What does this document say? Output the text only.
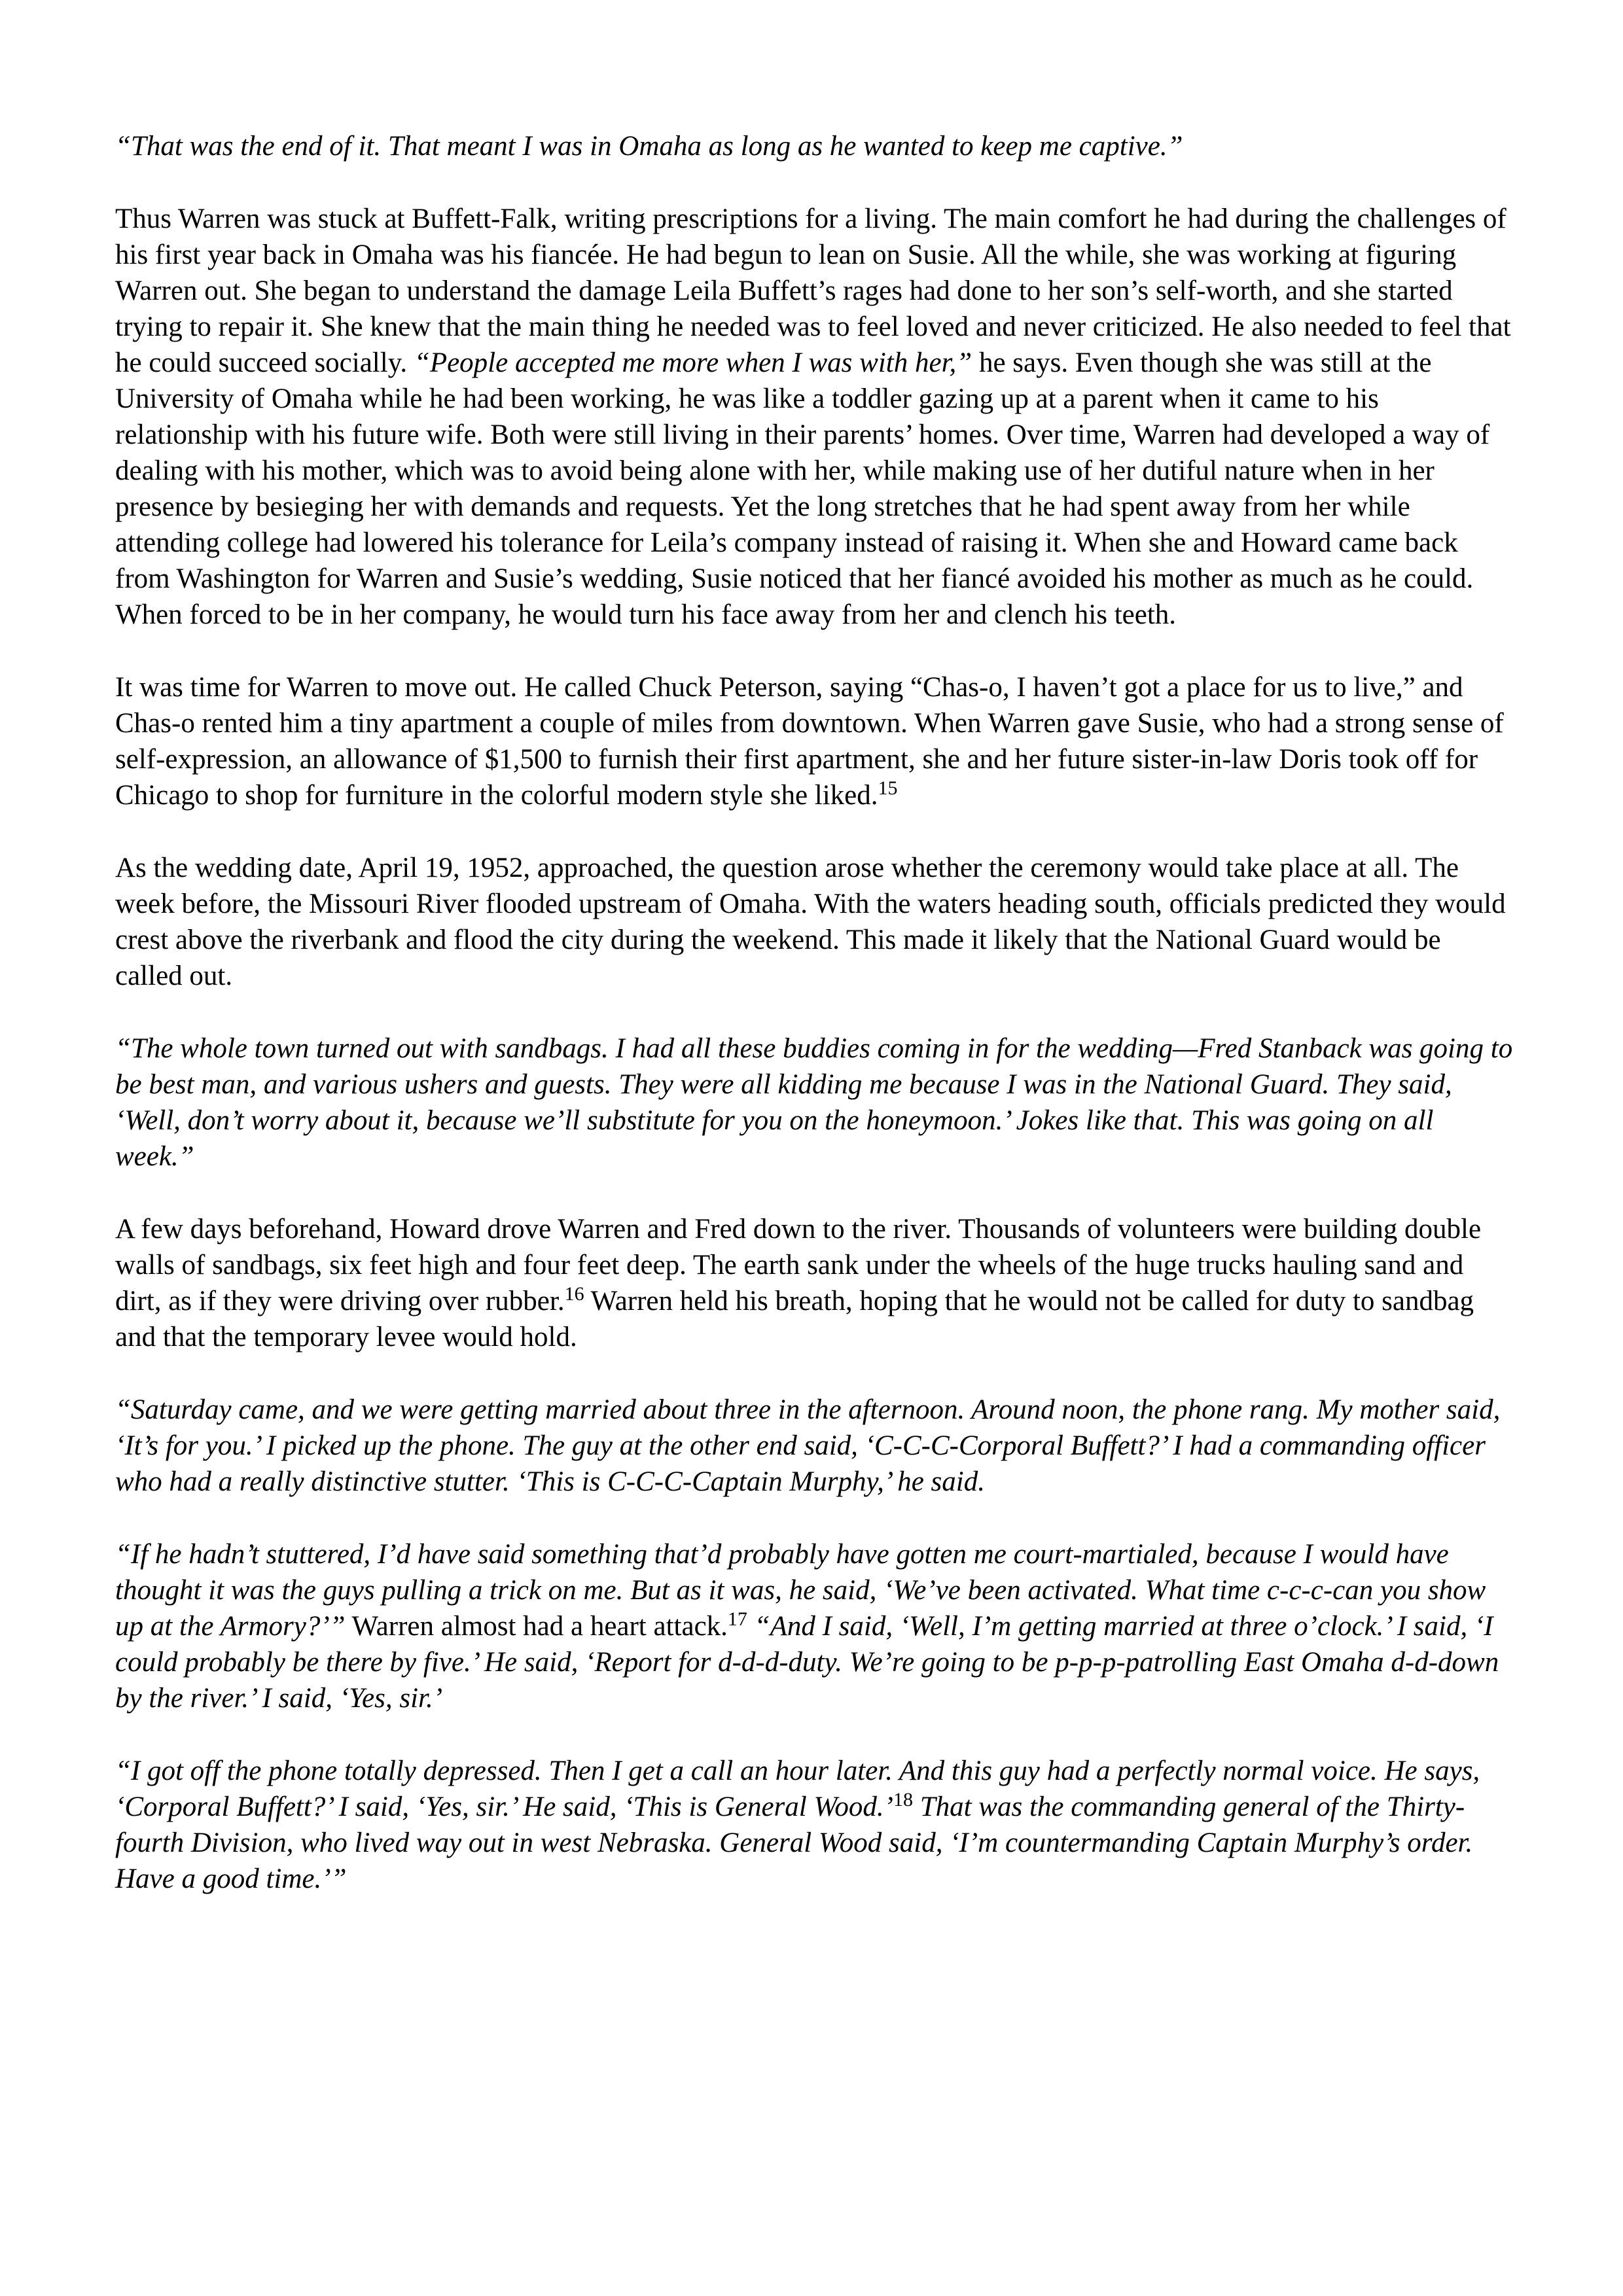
“That was the end of it. That meant I was in Omaha as long as he wanted to keep me captive.”

Thus Warren was stuck at Buffett-Falk, writing prescriptions for a living. The main comfort he had during the challenges of his first year back in Omaha was his fiancée. He had begun to lean on Susie. All the while, she was working at figuring Warren out. She began to understand the damage Leila Buffett’s rages had done to her son’s self-worth, and she started trying to repair it. She knew that the main thing he needed was to feel loved and never criticized. He also needed to feel that he could succeed socially. “People accepted me more when I was with her,” he says. Even though she was still at the University of Omaha while he had been working, he was like a toddler gazing up at a parent when it came to his relationship with his future wife. Both were still living in their parents’ homes. Over time, Warren had developed a way of dealing with his mother, which was to avoid being alone with her, while making use of her dutiful nature when in her presence by besieging her with demands and requests. Yet the long stretches that he had spent away from her while attending college had lowered his tolerance for Leila’s company instead of raising it. When she and Howard came back from Washington for Warren and Susie’s wedding, Susie noticed that her fiancé avoided his mother as much as he could. When forced to be in her company, he would turn his face away from her and clench his teeth.

It was time for Warren to move out. He called Chuck Peterson, saying “Chas-o, I haven’t got a place for us to live,” and Chas-o rented him a tiny apartment a couple of miles from downtown. When Warren gave Susie, who had a strong sense of self-expression, an allowance of $1,500 to furnish their first apartment, she and her future sister-in-law Doris took off for Chicago to shop for furniture in the colorful modern style she liked.$^{15}$

As the wedding date, April 19, 1952, approached, the question arose whether the ceremony would take place at all. The week before, the Missouri River flooded upstream of Omaha. With the waters heading south, officials predicted they would crest above the riverbank and flood the city during the weekend. This made it likely that the National Guard would be called out.

“The whole town turned out with sandbags. I had all these buddies coming in for the wedding—Fred Stanback was going to be best man, and various ushers and guests. They were all kidding me because I was in the National Guard. They said, ‘Well, don’t worry about it, because we’ll substitute for you on the honeymoon.’ Jokes like that. This was going on all week.”

A few days beforehand, Howard drove Warren and Fred down to the river. Thousands of volunteers were building double walls of sandbags, six feet high and four feet deep. The earth sank under the wheels of the huge trucks hauling sand and dirt, as if they were driving over rubber.$^{16}$ Warren held his breath, hoping that he would not be called for duty to sandbag and that the temporary levee would hold.

“Saturday came, and we were getting married about three in the afternoon. Around noon, the phone rang. My mother said, ‘It’s for you.’ I picked up the phone. The guy at the other end said, ‘C-C-C-Corporal Buffett?’ I had a commanding officer who had a really distinctive stutter. ‘This is C-C-C-Captain Murphy,’ he said.

“If he hadn’t stuttered, I’d have said something that’d probably have gotten me court-martialed, because I would have thought it was the guys pulling a trick on me. But as it was, he said, ‘We’ve been activated. What time c-c-c-can you show up at the Armory?’” Warren almost had a heart attack.$^{17}$ “And I said, ‘Well, I’m getting married at three o’clock.’ I said, ‘I could probably be there by five.’ He said, ‘Report for d-d-d-duty. We’re going to be p-p-p-patrolling East Omaha d-d-down by the river.’ I said, ‘Yes, sir.’

“I got off the phone totally depressed. Then I get a call an hour later. And this guy had a perfectly normal voice. He says, ‘Corporal Buffett?’ I said, ‘Yes, sir.’ He said, ‘This is General Wood.’$^{18}$ That was the commanding general of the Thirty-fourth Division, who lived way out in west Nebraska. General Wood said, ‘I’m countermanding Captain Murphy’s order. Have a good time.’”
